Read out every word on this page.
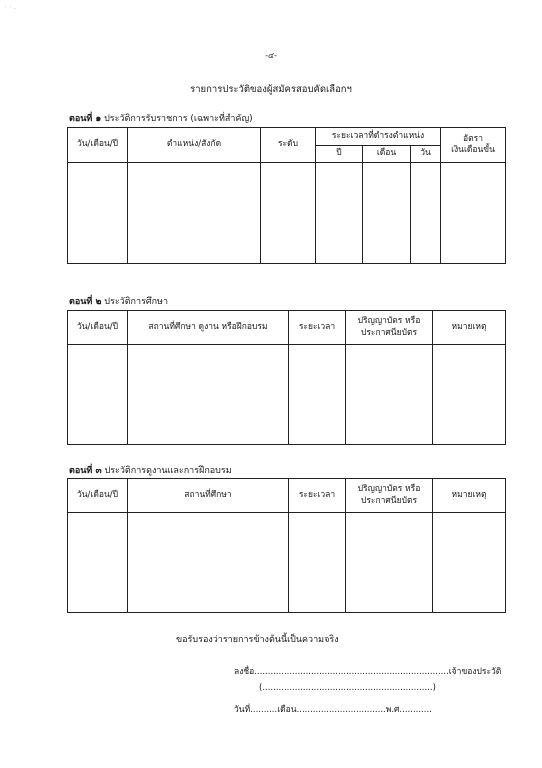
˙ ˙ ·
-๔-
รายการประวัติของผู้สมัครสอบคัดเลือกฯ
ตอนที่ ๑ ประวัติการรับราชการ (เฉพาะที่สำคัญ)
วัน/เดือน/ปี	ตำแหน่ง/สังกัด	ระดับ	ระยะเวลาที่ดำรงตำแหน่ง			อัตรา
เงินเดือนขั้น

			ปี	เดือน	วัน	

ตอนที่ ๒ ประวัติการศึกษา
วัน/เดือน/ปี	สถานที่ศึกษา ดูงาน หรือฝึกอบรม	ระยะเวลา	ปริญญาบัตร หรือ
ประกาศนียบัตร	หมายเหตุ

ตอนที่ ๓ ประวัติการดูงานและการฝึกอบรม
วัน/เดือน/ปี	สถานที่ศึกษา	ระยะเวลา	ปริญญาบัตร หรือ
ประกาศนียบัตร	หมายเหตุ

ขอรับรองว่ารายการข้างต้นนี้เป็นความจริง
ลงชื่อ........................................................................เจ้าของประวัติ
(...............................................................)
วันที่..........เดือน.................................พ.ศ............
